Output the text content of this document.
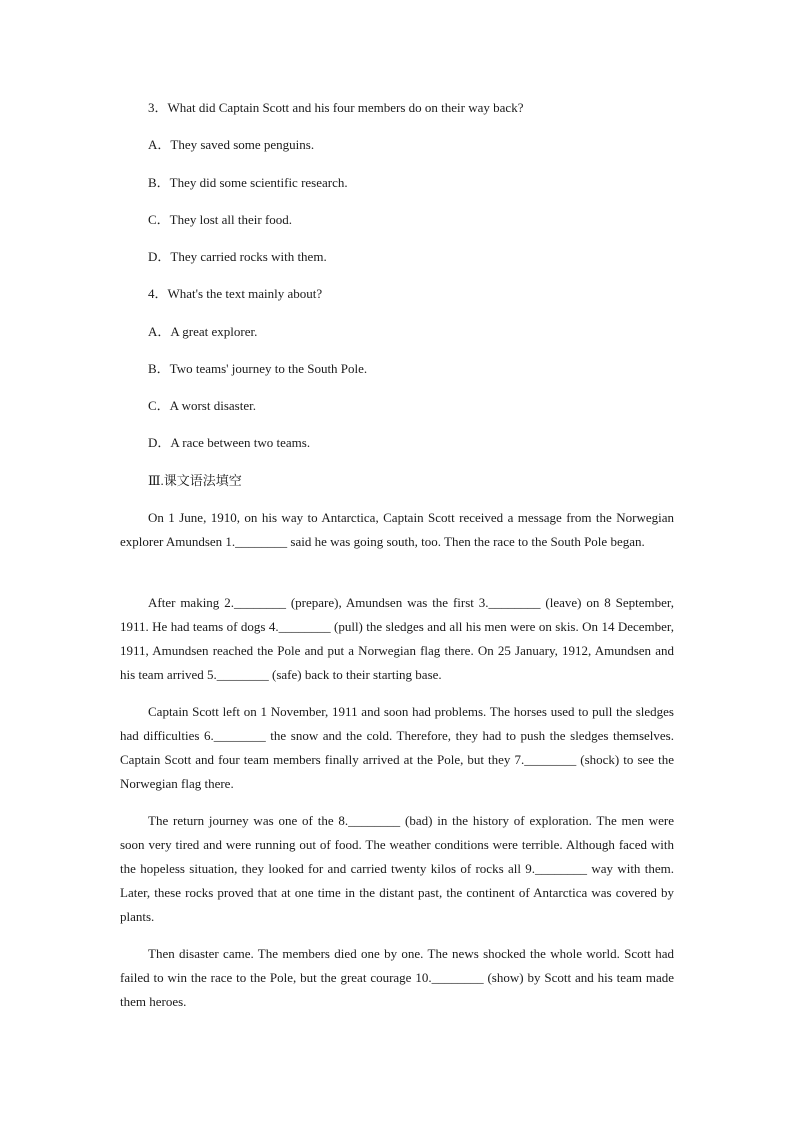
3．What did Captain Scott and his four members do on their way back?
A．They saved some penguins.
B．They did some scientific research.
C．They lost all their food.
D．They carried rocks with them.
4．What's the text mainly about?
A．A great explorer.
B．Two teams' journey to the South Pole.
C．A worst disaster.
D．A race between two teams.
Ⅲ.课文语法填空
On 1 June, 1910, on his way to Antarctica, Captain Scott received a message from the Norwegian explorer Amundsen 1.________ said he was going south, too. Then the race to the South Pole began.
After making 2.________ (prepare), Amundsen was the first 3.________ (leave) on 8 September, 1911. He had teams of dogs 4.________ (pull) the sledges and all his men were on skis. On 14 December, 1911, Amundsen reached the Pole and put a Norwegian flag there. On 25 January, 1912, Amundsen and his team arrived 5.________ (safe) back to their starting base.
Captain Scott left on 1 November, 1911 and soon had problems. The horses used to pull the sledges had difficulties 6.________ the snow and the cold. Therefore, they had to push the sledges themselves. Captain Scott and four team members finally arrived at the Pole, but they 7.________ (shock) to see the Norwegian flag there.
The return journey was one of the 8.________ (bad) in the history of exploration. The men were soon very tired and were running out of food. The weather conditions were terrible. Although faced with the hopeless situation, they looked for and carried twenty kilos of rocks all 9.________ way with them. Later, these rocks proved that at one time in the distant past, the continent of Antarctica was covered by plants.
Then disaster came. The members died one by one. The news shocked the whole world. Scott had failed to win the race to the Pole, but the great courage 10.________ (show) by Scott and his team made them heroes.
